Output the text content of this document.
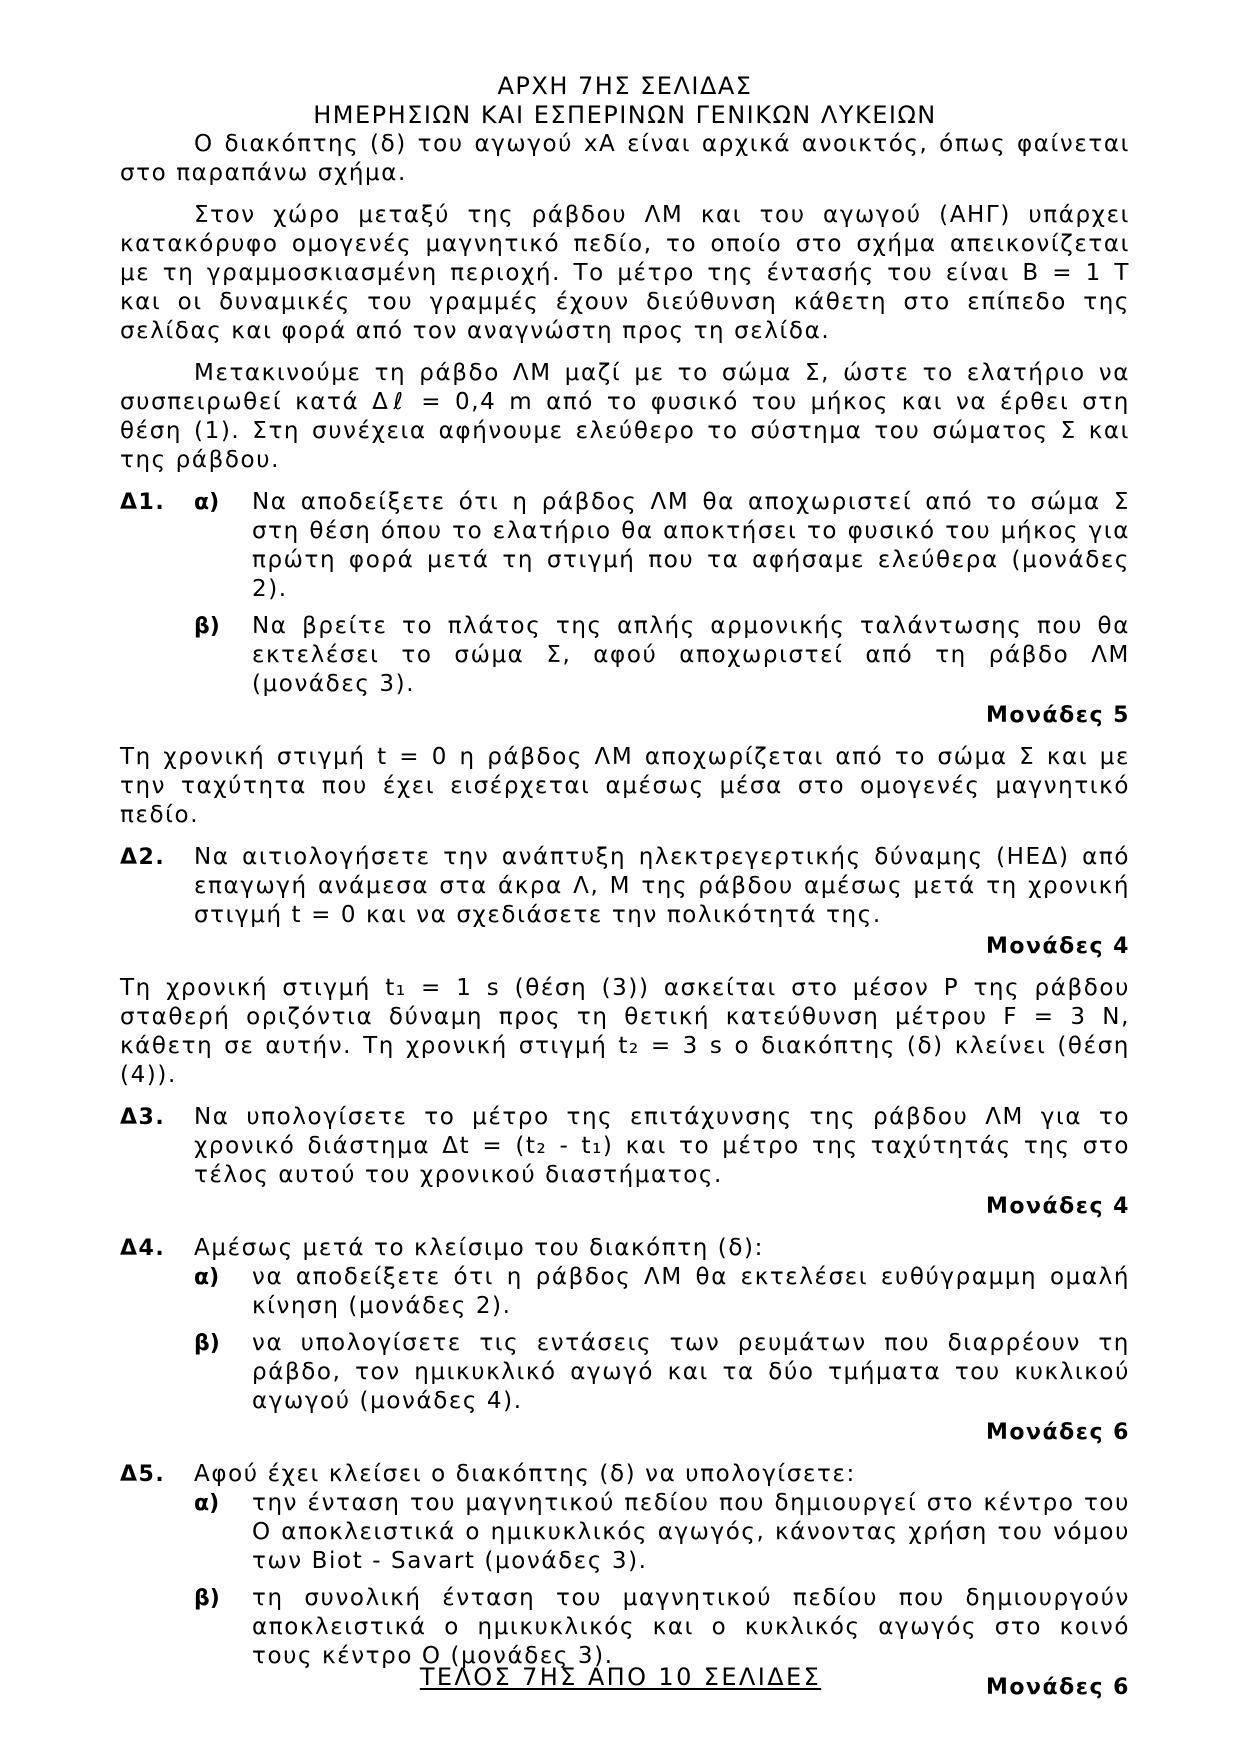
ΑΡΧΗ 7ΗΣ ΣΕΛΙΔΑΣ
ΗΜΕΡΗΣΙΩΝ ΚΑΙ ΕΣΠΕΡΙΝΩΝ ΓΕΝΙΚΩΝ ΛΥΚΕΙΩΝ

Ο διακόπτης (δ) του αγωγού xA είναι αρχικά ανοικτός, όπως φαίνεται στο παραπάνω σχήμα.

Στον χώρο μεταξύ της ράβδου ΛΜ και του αγωγού (ΑΗΓ) υπάρχει κατακόρυφο ομογενές μαγνητικό πεδίο, το οποίο στο σχήμα απεικονίζεται με τη γραμμοσκιασμένη περιοχή. Το μέτρο της έντασής του είναι Β = 1 Τ και οι δυναμικές του γραμμές έχουν διεύθυνση κάθετη στο επίπεδο της σελίδας και φορά από τον αναγνώστη προς τη σελίδα.

Μετακινούμε τη ράβδο ΛΜ μαζί με το σώμα Σ, ώστε το ελατήριο να συσπειρωθεί κατά Δℓ = 0,4 m από το φυσικό του μήκος και να έρθει στη θέση (1). Στη συνέχεια αφήνουμε ελεύθερο το σύστημα του σώματος Σ και της ράβδου.

Δ1.	α)	Να αποδείξετε ότι η ράβδος ΛΜ θα αποχωριστεί από το σώμα Σ στη θέση όπου το ελατήριο θα αποκτήσει το φυσικό του μήκος για πρώτη φορά μετά τη στιγμή που τα αφήσαμε ελεύθερα (μονάδες 2).

β)	Να βρείτε το πλάτος της απλής αρμονικής ταλάντωσης που θα εκτελέσει το σώμα Σ, αφού αποχωριστεί από τη ράβδο ΛΜ (μονάδες 3).

Μονάδες 5

Τη χρονική στιγμή t = 0 η ράβδος ΛΜ αποχωρίζεται από το σώμα Σ και με την ταχύτητα που έχει εισέρχεται αμέσως μέσα στο ομογενές μαγνητικό πεδίο.

Δ2.	Να αιτιολογήσετε την ανάπτυξη ηλεκτρεγερτικής δύναμης (ΗΕΔ) από επαγωγή ανάμεσα στα άκρα Λ, Μ της ράβδου αμέσως μετά τη χρονική στιγμή t = 0 και να σχεδιάσετε την πολικότητά της.

Μονάδες 4

Τη χρονική στιγμή t₁ = 1 s (θέση (3)) ασκείται στο μέσον Ρ της ράβδου σταθερή οριζόντια δύναμη προς τη θετική κατεύθυνση μέτρου F = 3 N, κάθετη σε αυτήν. Τη χρονική στιγμή t₂ = 3 s ο διακόπτης (δ) κλείνει (θέση (4)).

Δ3.	Να υπολογίσετε το μέτρο της επιτάχυνσης της ράβδου ΛΜ για το χρονικό διάστημα Δt = (t₂ - t₁) και το μέτρο της ταχύτητάς της στο τέλος αυτού του χρονικού διαστήματος.

Μονάδες 4
Δ4.	Αμέσως μετά το κλείσιμο του διακόπτη (δ):

α)	να αποδείξετε ότι η ράβδος ΛΜ θα εκτελέσει ευθύγραμμη ομαλή κίνηση (μονάδες 2).

β)	να υπολογίσετε τις εντάσεις των ρευμάτων που διαρρέουν τη ράβδο, τον ημικυκλικό αγωγό και τα δύο τμήματα του κυκλικού αγωγού (μονάδες 4).

Μονάδες 6
Δ5.	Αφού έχει κλείσει ο διακόπτης (δ) να υπολογίσετε:

α)	την ένταση του μαγνητικού πεδίου που δημιουργεί στο κέντρο του Ο αποκλειστικά ο ημικυκλικός αγωγός, κάνοντας χρήση του νόμου των Biot - Savart (μονάδες 3).

β)	τη συνολική ένταση του μαγνητικού πεδίου που δημιουργούν αποκλειστικά ο ημικυκλικός και ο κυκλικός αγωγός στο κοινό τους κέντρο Ο (μονάδες 3).

Μονάδες 6
ΤΕΛΟΣ 7ΗΣ ΑΠΟ 10 ΣΕΛΙΔΕΣ
